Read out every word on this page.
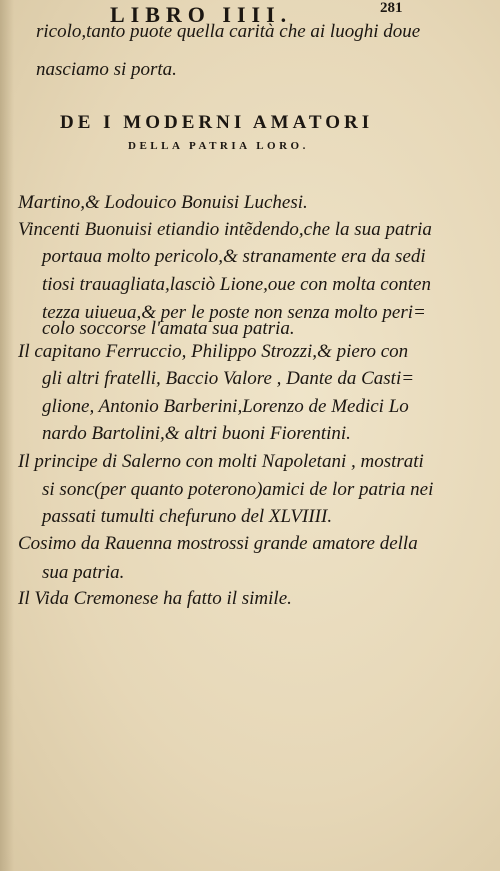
LIBRO IIII.	281
ricolo,tanto puote quella carità che ai luoghi doue
nasciamo si porta.
DE I MODERNI AMATORI
DELLA PATRIA LORO.
Martino,& Lodouico Bonuisi Luchesi.
Vincenti Buonuisi etiandio intẽdendo,che la sua patria
portaua molto pericolo,& stranamente era da sedi
tiosi trauagliata,lasciò Lione,oue con molta conten
tezza uiueua,& per le poste non senza molto peri=
colo soccorse l'amata sua patria.
Il capitano Ferruccio, Philippo Strozzi,& piero con
gli altri fratelli, Baccio Valore , Dante da Casti=
glione, Antonio Barberini,Lorenzo de Medici Lo
nardo Bartolini,& altri buoni Fiorentini.
Il principe di Salerno con molti Napoletani , mostrati
si sonc(per quanto poterono)amici de lor patria nei
passati tumulti chefuruno del XLVIIII.
Cosimo da Rauenna mostrossi grande amatore della
sua patria.
Il Vida Cremonese ha fatto il simile.
